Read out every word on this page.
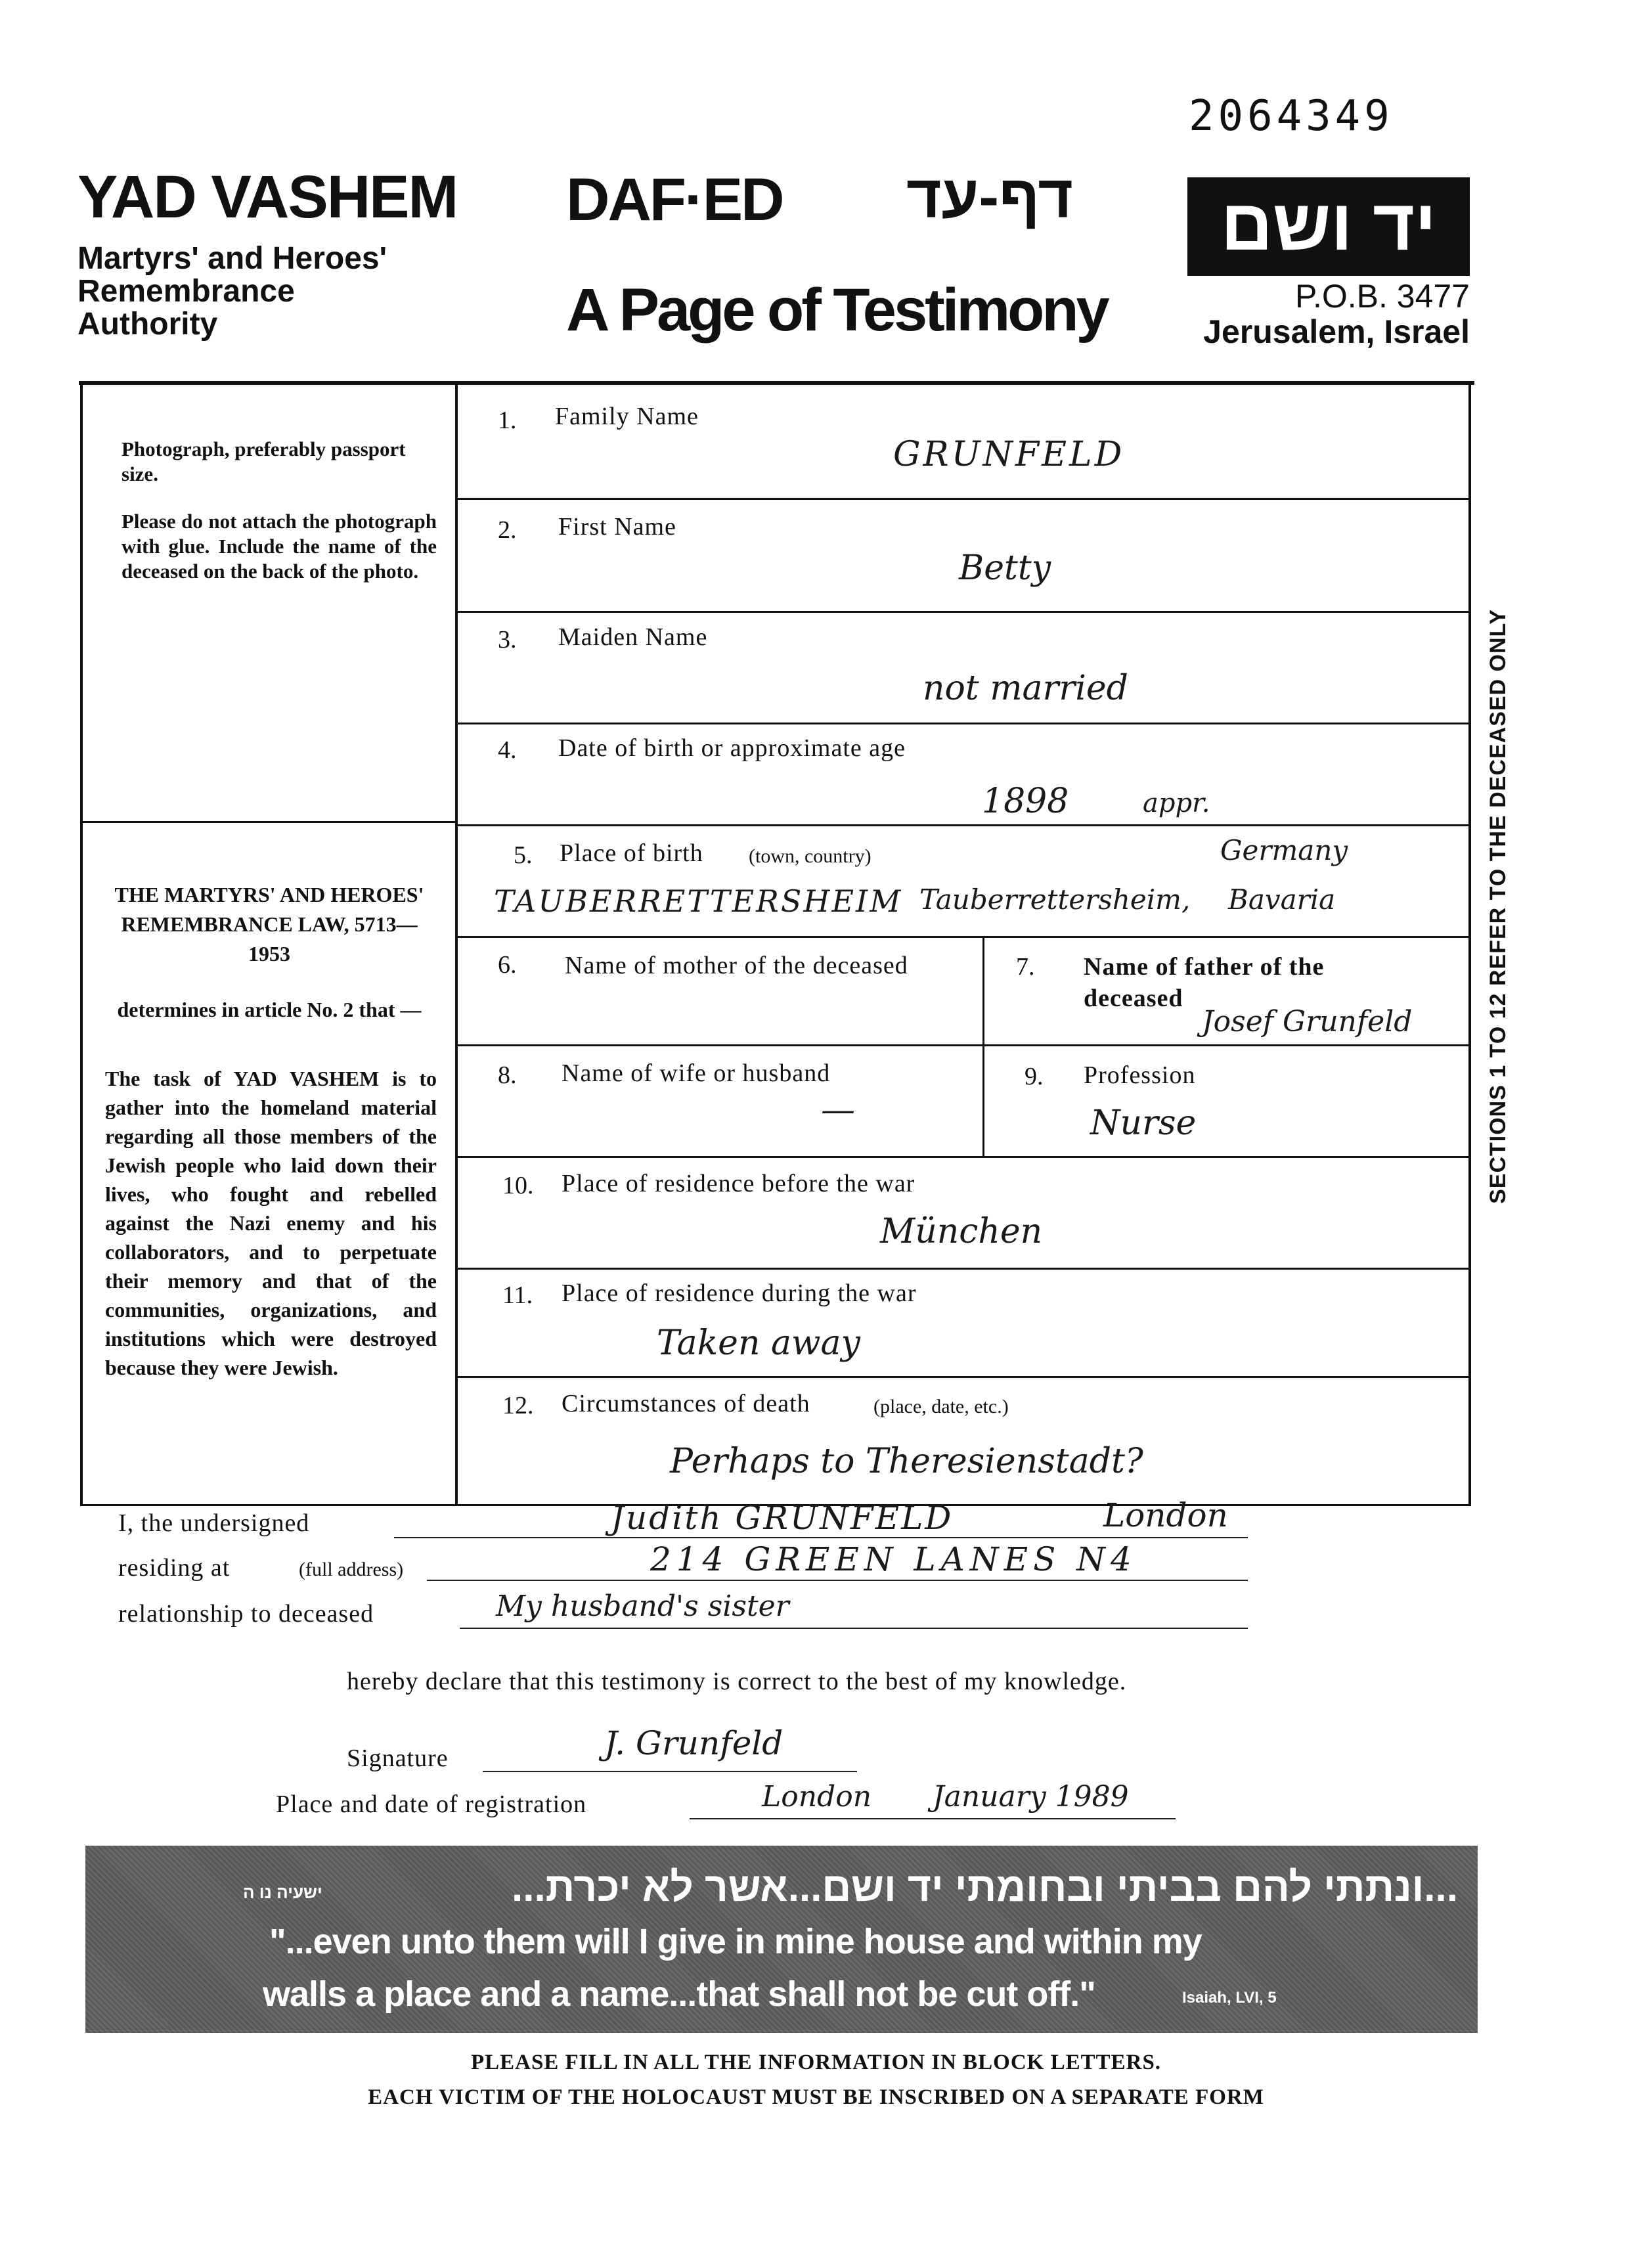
2064349
YAD VASHEM
Martyrs' and Heroes'
Remembrance
Authority
DAF·ED דף-עד
A Page of Testimony
יד ושם
P.O.B. 3477
Jerusalem, Israel
Photograph, preferably passport size.
Please do not attach the photograph with glue. Include the name of the deceased on the back of the photo.
THE MARTYRS' AND HEROES' REMEMBRANCE LAW, 5713—1953
determines in article No. 2 that —
The task of YAD VASHEM is to gather into the homeland material regarding all those members of the Jewish people who laid down their lives, who fought and rebelled against the Nazi enemy and his collaborators, and to perpetuate their memory and that of the communities, organizations, and institutions which were destroyed because they were Jewish.
1. Family Name
GRUNFELD
2. First Name
Betty
3. Maiden Name
not married
4. Date of birth or approximate age
1898	appr.
5. Place of birth (town, country)	Germany
TAUBERRETTERSHEIM Tauberrettersheim, Bavaria
6. Name of mother of the deceased	7. Name of father of the
deceased
Josef Grunfeld
8. Name of wife or husband
—
9. Profession
Nurse
10. Place of residence before the war
München
11. Place of residence during the war
Taken away
12. Circumstances of death	(place, date, etc.)
Perhaps to Theresienstadt?
SECTIONS 1 TO 12 REFER TO THE DECEASED ONLY
I, the undersigned	Judith GRUNFELD	London
residing at	(full address)	214 GREEN LANES N4
relationship to deceased	My husband's sister
hereby declare that this testimony is correct to the best of my knowledge.
Signature	J. Grunfeld
Place and date of registration	London January 1989
...ונתתי להם בביתי ובחומתי יד ושם...אשר לא יכרת...
ישעיה נו ה
"...even unto them will I give in mine house and within my
walls a place and a name...that shall not be cut off."	Isaiah, LVI, 5
PLEASE FILL IN ALL THE INFORMATION IN BLOCK LETTERS.
EACH VICTIM OF THE HOLOCAUST MUST BE INSCRIBED ON A SEPARATE FORM
